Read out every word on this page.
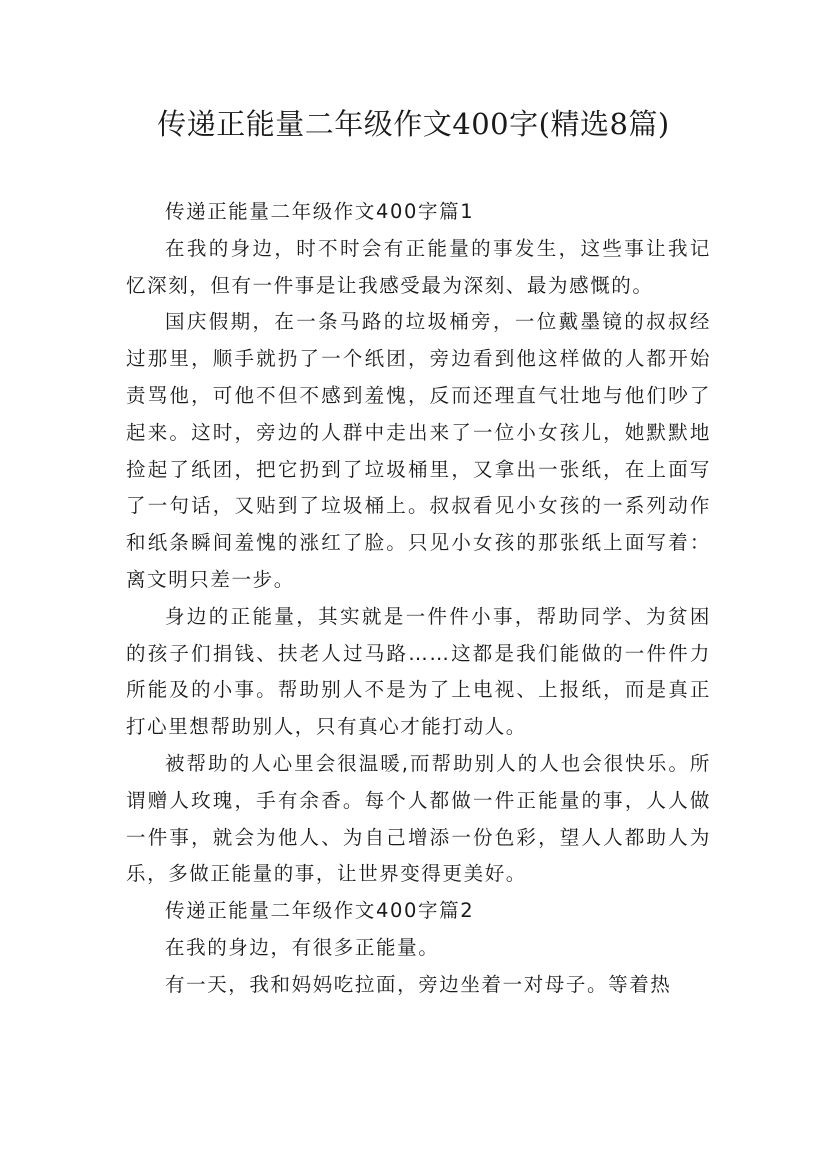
传递正能量二年级作文400字(精选8篇)

传递正能量二年级作文400字篇1

在我的身边，时不时会有正能量的事发生，这些事让我记忆深刻，但有一件事是让我感受最为深刻、最为感慨的。

国庆假期，在一条马路的垃圾桶旁，一位戴墨镜的叔叔经过那里，顺手就扔了一个纸团，旁边看到他这样做的人都开始责骂他，可他不但不感到羞愧，反而还理直气壮地与他们吵了起来。这时，旁边的人群中走出来了一位小女孩儿，她默默地捡起了纸团，把它扔到了垃圾桶里，又拿出一张纸，在上面写了一句话，又贴到了垃圾桶上。叔叔看见小女孩的一系列动作和纸条瞬间羞愧的涨红了脸。只见小女孩的那张纸上面写着：离文明只差一步。

身边的正能量，其实就是一件件小事，帮助同学、为贫困的孩子们捐钱、扶老人过马路……这都是我们能做的一件件力所能及的小事。帮助别人不是为了上电视、上报纸，而是真正打心里想帮助别人，只有真心才能打动人。

被帮助的人心里会很温暖,而帮助别人的人也会很快乐。所谓赠人玫瑰，手有余香。每个人都做一件正能量的事，人人做一件事，就会为他人、为自己增添一份色彩，望人人都助人为乐，多做正能量的事，让世界变得更美好。

传递正能量二年级作文400字篇2

在我的身边，有很多正能量。

有一天，我和妈妈吃拉面，旁边坐着一对母子。等着热
